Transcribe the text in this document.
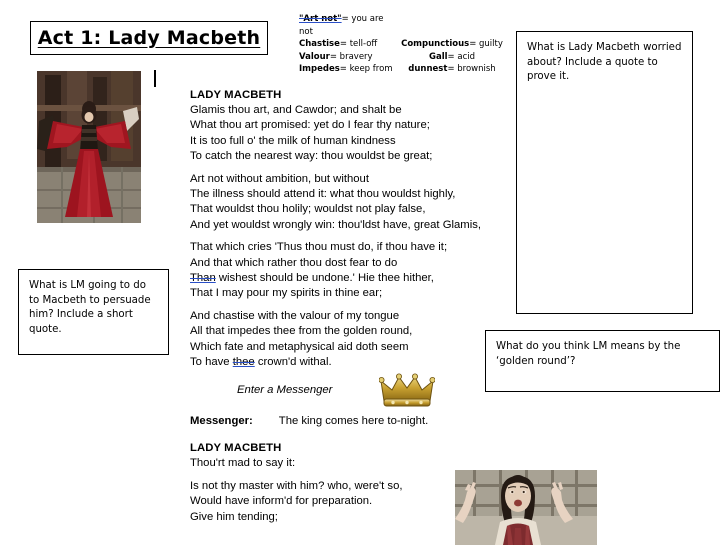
Act 1: Lady Macbeth
"Art not"= you are not
Chastise= tell-off	Compunctious= guilty
Valour= bravery	Gall= acid
Impedes= keep from	dunnest= brownish
LADY MACBETH
Glamis thou art, and Cawdor; and shalt be
What thou art promised: yet do I fear thy nature;
It is too full o' the milk of human kindness
To catch the nearest way: thou wouldst be great;
Art not without ambition, but without
The illness should attend it: what thou wouldst highly,
That wouldst thou holily; wouldst not play false,
And yet wouldst wrongly win: thou'ldst have, great Glamis,
That which cries 'Thus thou must do, if thou have it;
And that which rather thou dost fear to do
Than wishest should be undone.' Hie thee hither,
That I may pour my spirits in thine ear;
And chastise with the valour of my tongue
All that impedes thee from the golden round,
Which fate and metaphysical aid doth seem
To have thee crown'd withal.
Enter a Messenger
Messenger: The king comes here to-night.
LADY MACBETH
Thou'rt mad to say it:
Is not thy master with him? who, were't so,
Would have inform'd for preparation.
Give him tending;
What is LM going to do to Macbeth to persuade him? Include a short quote.
What is Lady Macbeth worried about? Include a quote to prove it.
What do you think LM means by the ‘golden round’?
